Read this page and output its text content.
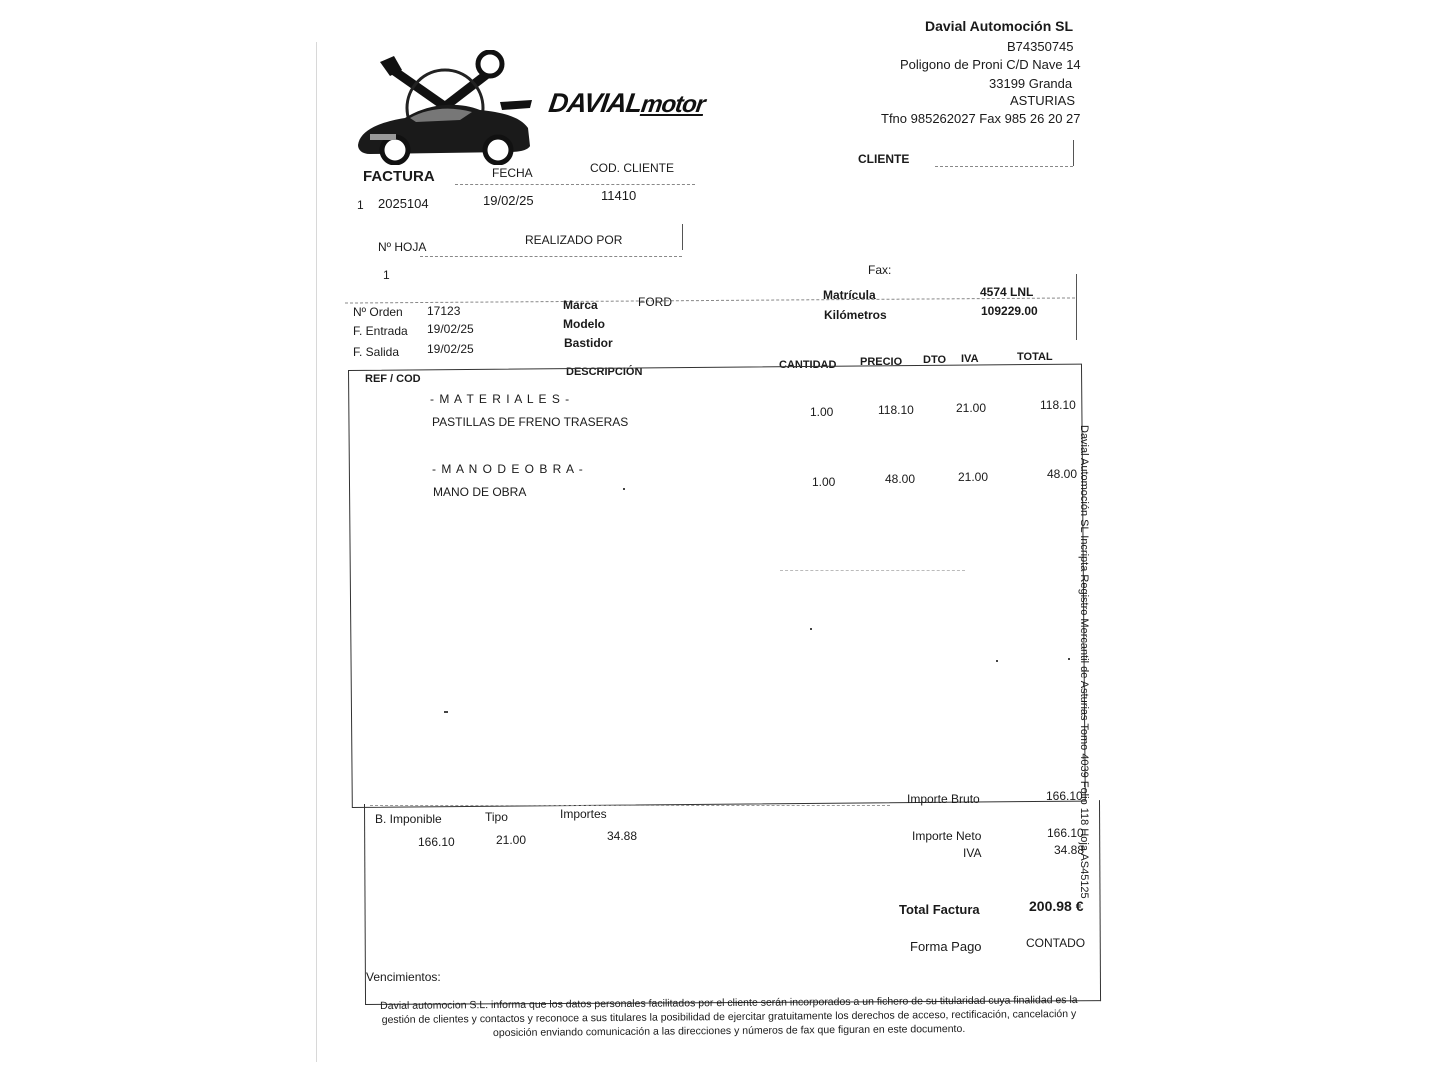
DAVIALmotor
Davial Automoción SL
B74350745
Poligono de Proni C/D Nave 14
33199 Granda
ASTURIAS
Tfno 985262027 Fax 985 26 20 27
CLIENTE
FACTURA	FECHA	COD. CLIENTE
1 2025104	19/02/25	11410
Nº HOJA	REALIZADO POR
1	Fax:
Nº Orden 17123
F. Entrada 19/02/25
F. Salida 19/02/25
Marca	FORD
Modelo
Bastidor
Matrícula	4574 LNL
Kilómetros	109229.00
REF / COD
DESCRIPCIÓN
CANTIDAD PRECIO DTO IVA	TOTAL
- M A T E R I A L E S -
PASTILLAS DE FRENO TRASERAS
1.00	118.10	21.00	118.10
- M A N O D E O B R A -
MANO DE OBRA
1.00	48.00	21.00	48.00
B. Imponible	Tipo	Importes
166.10	21.00	34.88
Importe Bruto	166.10
Importe Neto	166.10
IVA	34.88
Total Factura	200.98 €
Forma Pago	CONTADO
Vencimientos:
Davial Automoción SL Incripta Registro Mercantil de Asturias Tomo 4039 Folio 118 Hoja AS45125
Davial automocion S.L. informa que los datos personales facilitados por el cliente serán incorporados a un fichero de su titularidad cuya finalidad es la gestión de clientes y contactos y reconoce a sus titulares la posibilidad de ejercitar gratuitamente los derechos de acceso, rectificación, cancelación y oposición enviando comunicación a las direcciones y números de fax que figuran en este documento.
